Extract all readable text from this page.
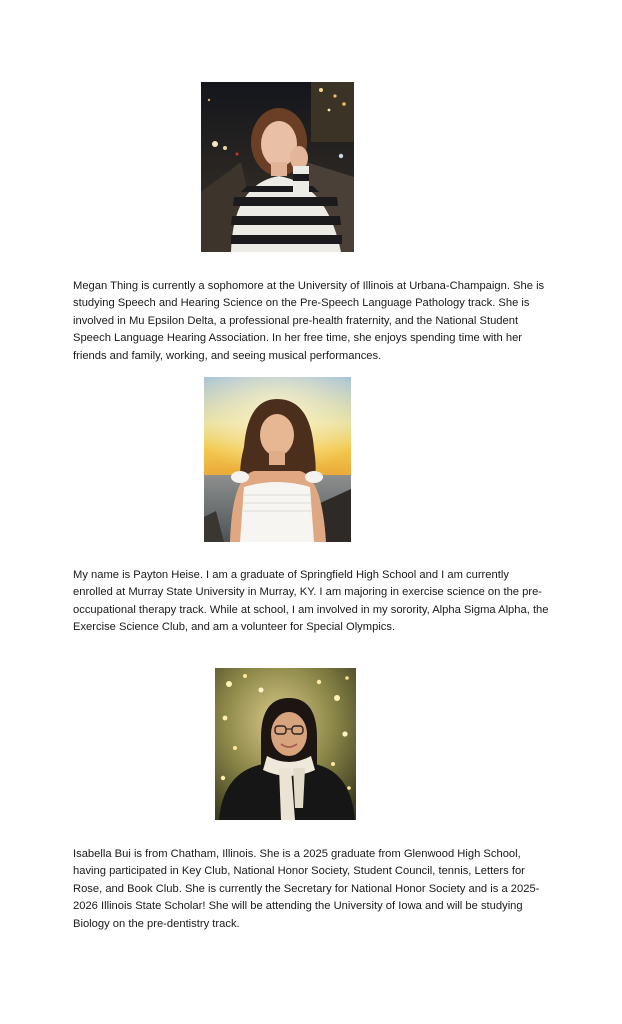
Megan Thing is currently a sophomore at the University of Illinois at Urbana-Champaign. She is studying Speech and Hearing Science on the Pre-Speech Language Pathology track. She is involved in Mu Epsilon Delta, a professional pre-health fraternity, and the National Student Speech Language Hearing Association. In her free time, she enjoys spending time with her friends and family, working, and seeing musical performances.

My name is Payton Heise. I am a graduate of Springfield High School and I am currently enrolled at Murray State University in Murray, KY. I am majoring in exercise science on the pre-occupational therapy track. While at school, I am involved in my sorority, Alpha Sigma Alpha, the Exercise Science Club, and am a volunteer for Special Olympics.

Isabella Bui is from Chatham, Illinois. She is a 2025 graduate from Glenwood High School, having participated in Key Club, National Honor Society, Student Council, tennis, Letters for Rose, and Book Club. She is currently the Secretary for National Honor Society and is a 2025-2026 Illinois State Scholar! She will be attending the University of Iowa and will be studying Biology on the pre-dentistry track.
